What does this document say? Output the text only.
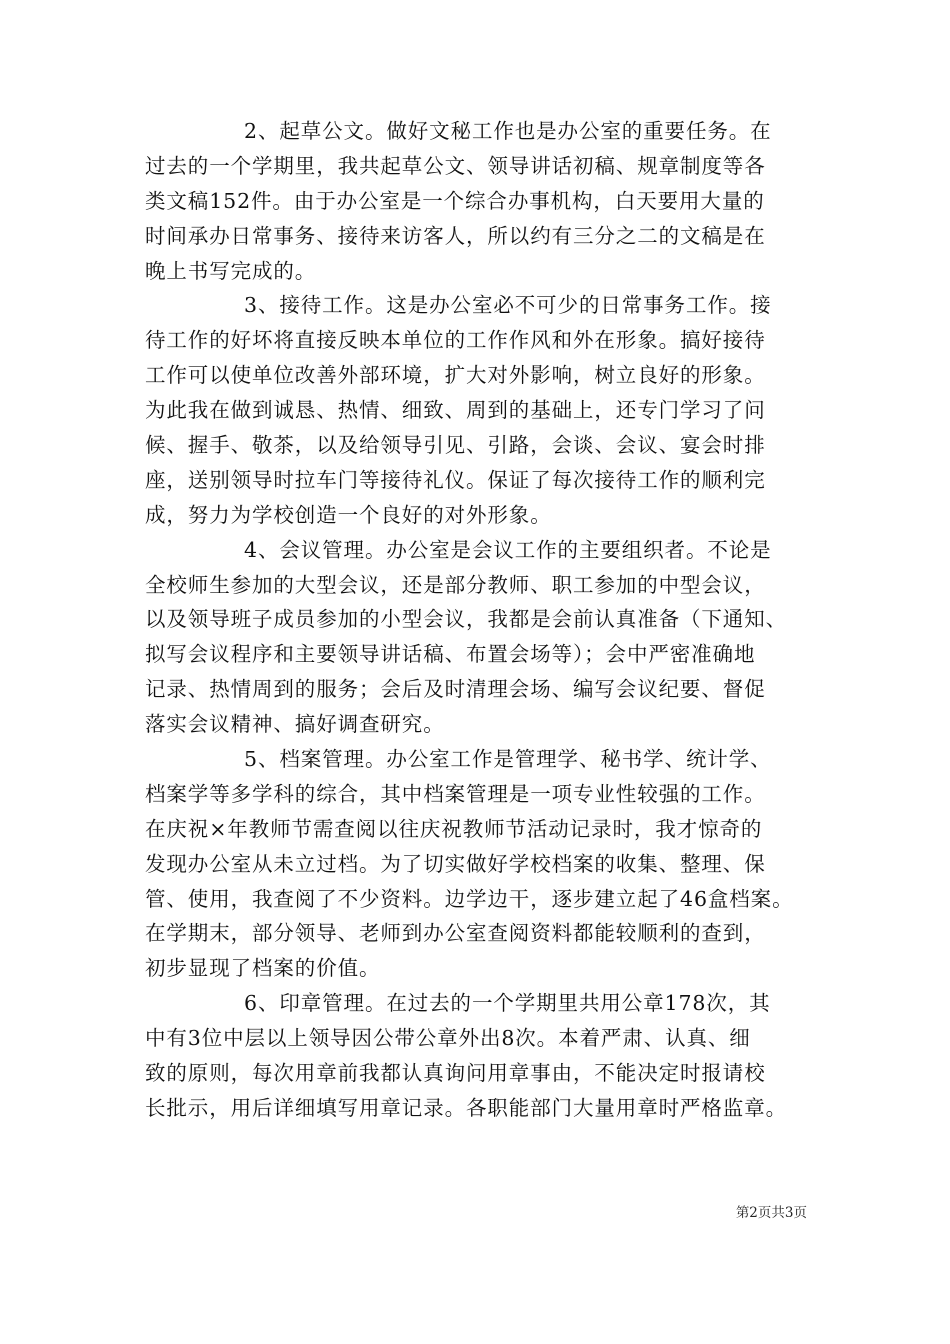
2、起草公文。做好文秘工作也是办公室的重要任务。在
过去的一个学期里，我共起草公文、领导讲话初稿、规章制度等各
类文稿152件。由于办公室是一个综合办事机构，白天要用大量的
时间承办日常事务、接待来访客人，所以约有三分之二的文稿是在
晚上书写完成的。
3、接待工作。这是办公室必不可少的日常事务工作。接
待工作的好坏将直接反映本单位的工作作风和外在形象。搞好接待
工作可以使单位改善外部环境，扩大对外影响，树立良好的形象。
为此我在做到诚恳、热情、细致、周到的基础上，还专门学习了问
候、握手、敬茶，以及给领导引见、引路，会谈、会议、宴会时排
座，送别领导时拉车门等接待礼仪。保证了每次接待工作的顺利完
成，努力为学校创造一个良好的对外形象。
4、会议管理。办公室是会议工作的主要组织者。不论是
全校师生参加的大型会议，还是部分教师、职工参加的中型会议，
以及领导班子成员参加的小型会议，我都是会前认真准备（下通知、
拟写会议程序和主要领导讲话稿、布置会场等）；会中严密准确地
记录、热情周到的服务；会后及时清理会场、编写会议纪要、督促
落实会议精神、搞好调查研究。
5、档案管理。办公室工作是管理学、秘书学、统计学、
档案学等多学科的综合，其中档案管理是一项专业性较强的工作。
在庆祝×年教师节需查阅以往庆祝教师节活动记录时，我才惊奇的
发现办公室从未立过档。为了切实做好学校档案的收集、整理、保
管、使用，我查阅了不少资料。边学边干，逐步建立起了46盒档案。
在学期末，部分领导、老师到办公室查阅资料都能较顺利的查到，
初步显现了档案的价值。
6、印章管理。在过去的一个学期里共用公章178次，其
中有3位中层以上领导因公带公章外出8次。本着严肃、认真、细
致的原则，每次用章前我都认真询问用章事由，不能决定时报请校
长批示，用后详细填写用章记录。各职能部门大量用章时严格监章。
第2页共3页
